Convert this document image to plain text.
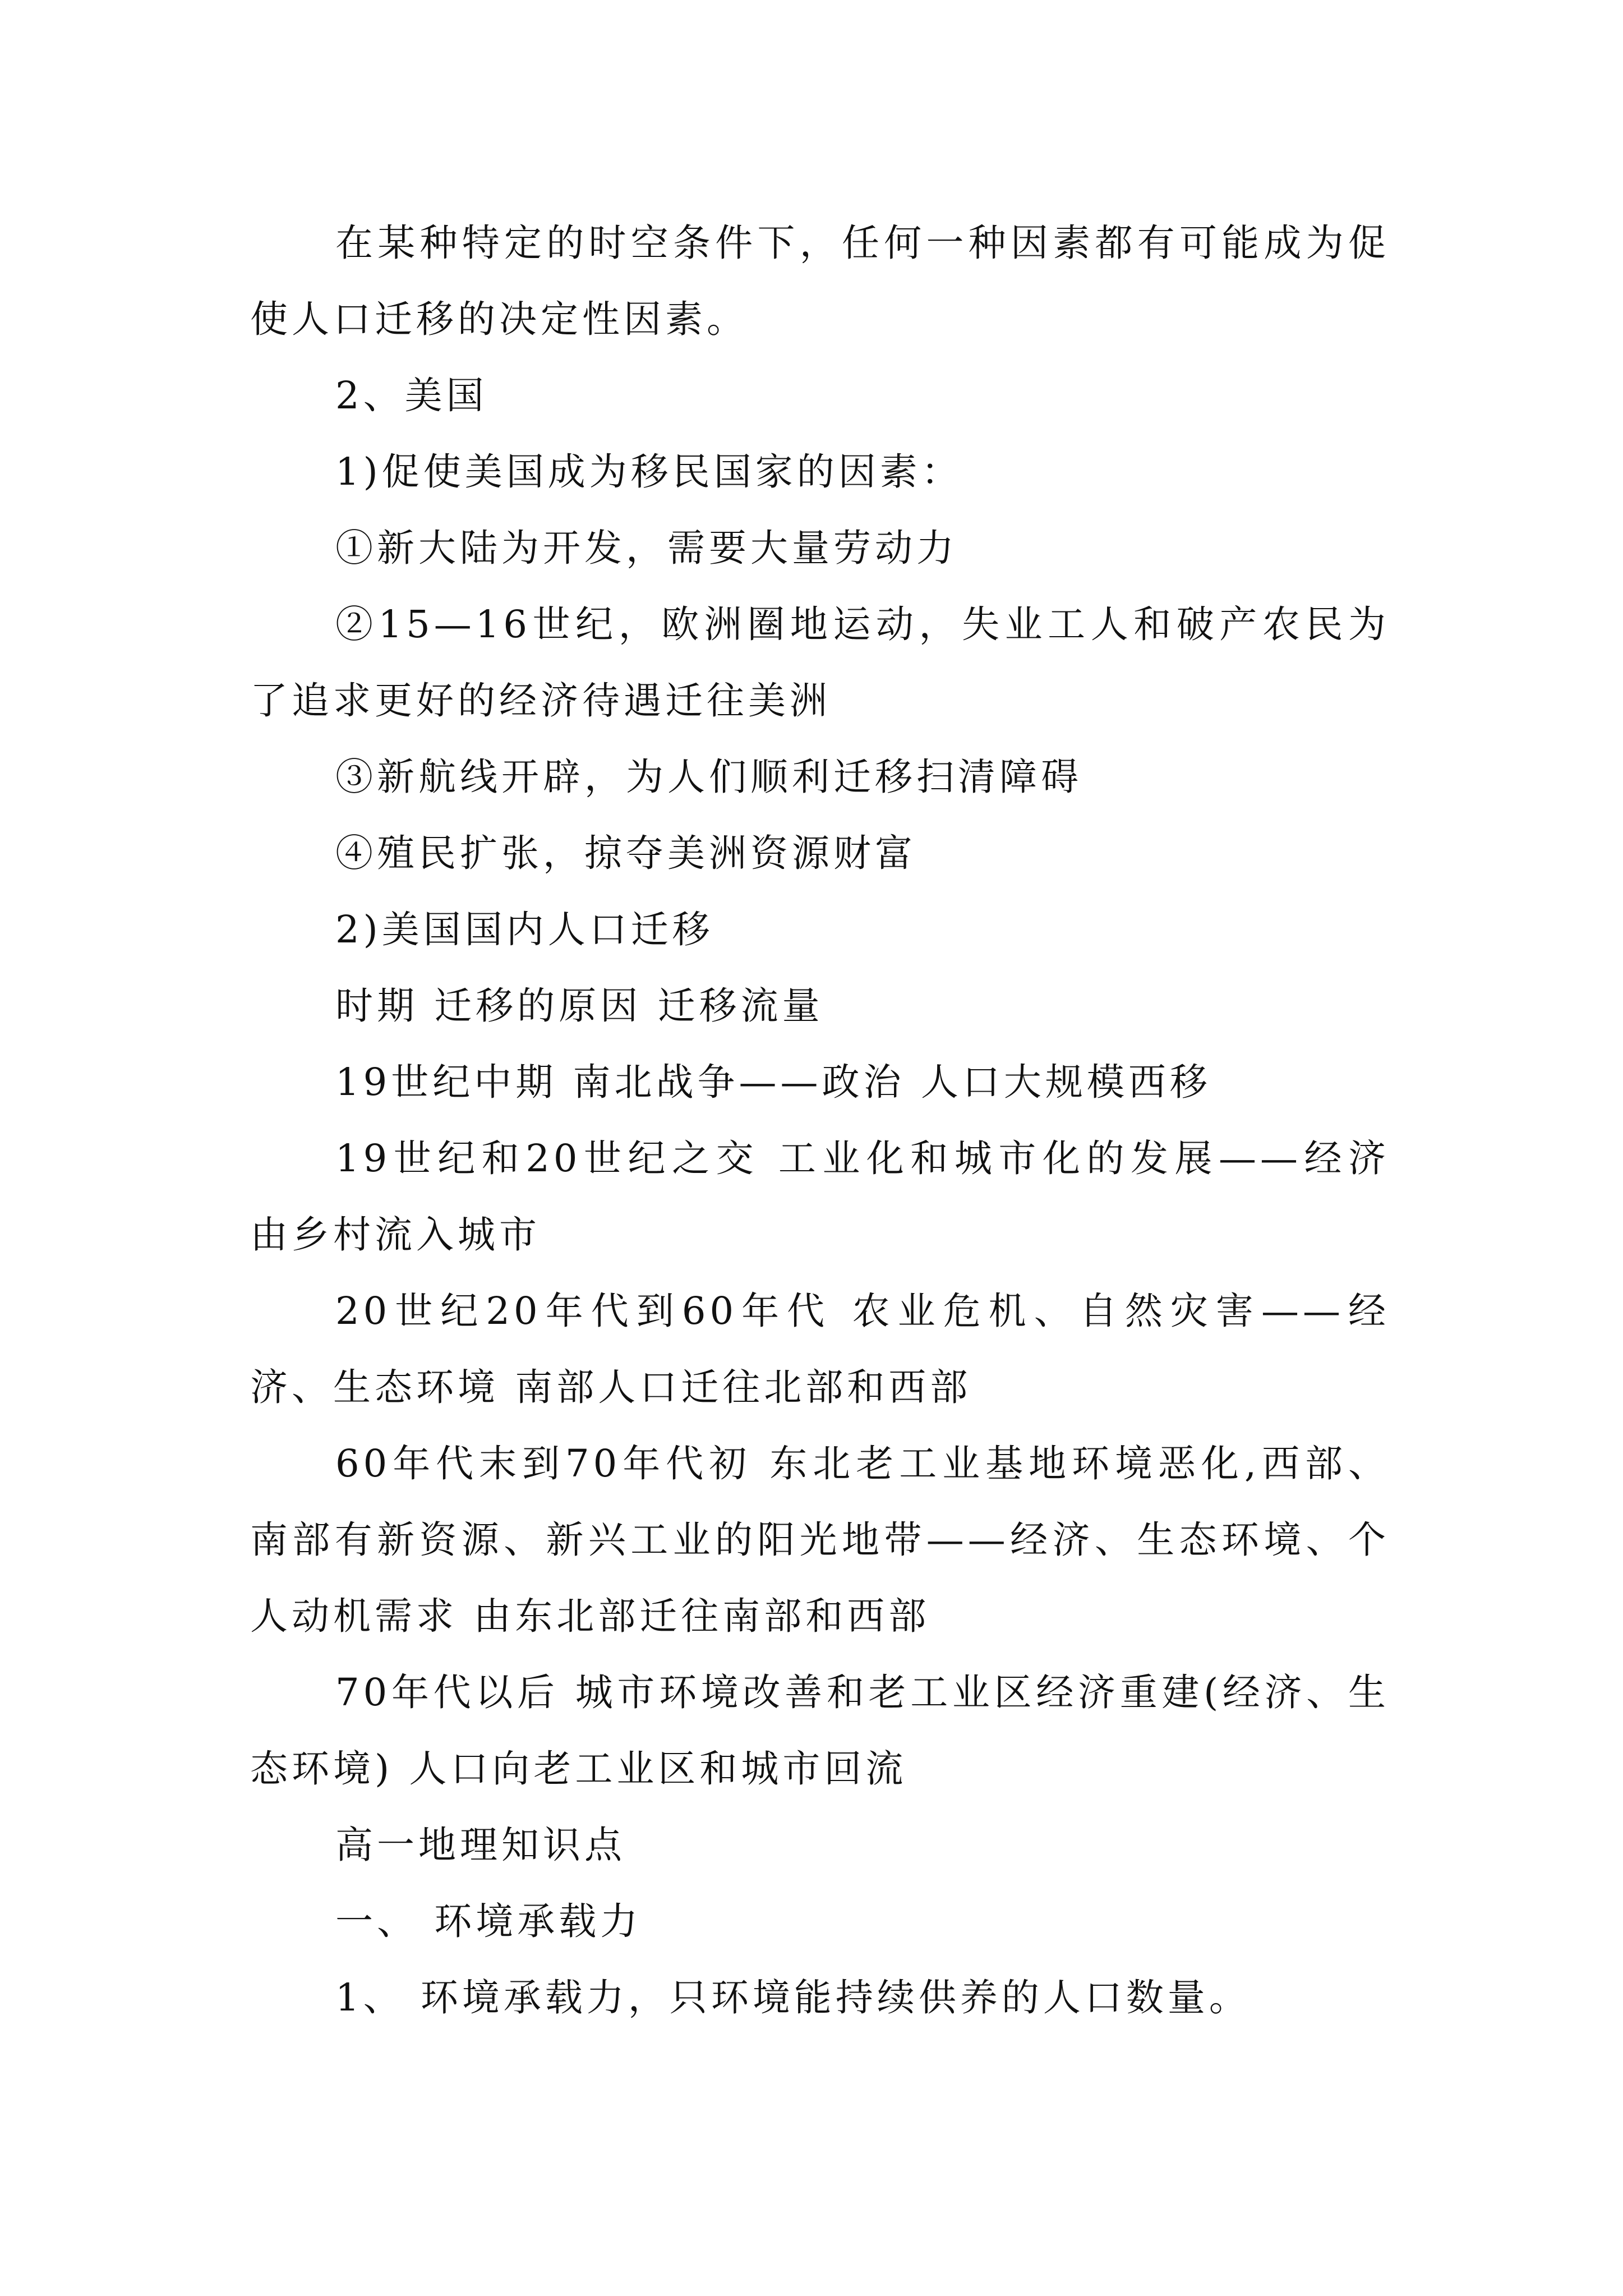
在某种特定的时空条件下，任何一种因素都有可能成为促使人口迁移的决定性因素。

2、美国

1)促使美国成为移民国家的因素：

①新大陆为开发，需要大量劳动力

②15—16世纪，欧洲圈地运动，失业工人和破产农民为了追求更好的经济待遇迁往美洲

③新航线开辟，为人们顺利迁移扫清障碍

④殖民扩张，掠夺美洲资源财富

2)美国国内人口迁移

时期 迁移的原因 迁移流量

19世纪中期 南北战争——政治 人口大规模西移

19世纪和20世纪之交 工业化和城市化的发展——经济 由乡村流入城市

20世纪20年代到60年代 农业危机、自然灾害——经济、生态环境 南部人口迁往北部和西部

60年代末到70年代初 东北老工业基地环境恶化,西部、南部有新资源、新兴工业的阳光地带——经济、生态环境、个人动机需求 由东北部迁往南部和西部

70年代以后 城市环境改善和老工业区经济重建(经济、生态环境) 人口向老工业区和城市回流

高一地理知识点

一、 环境承载力

1、 环境承载力，只环境能持续供养的人口数量。
